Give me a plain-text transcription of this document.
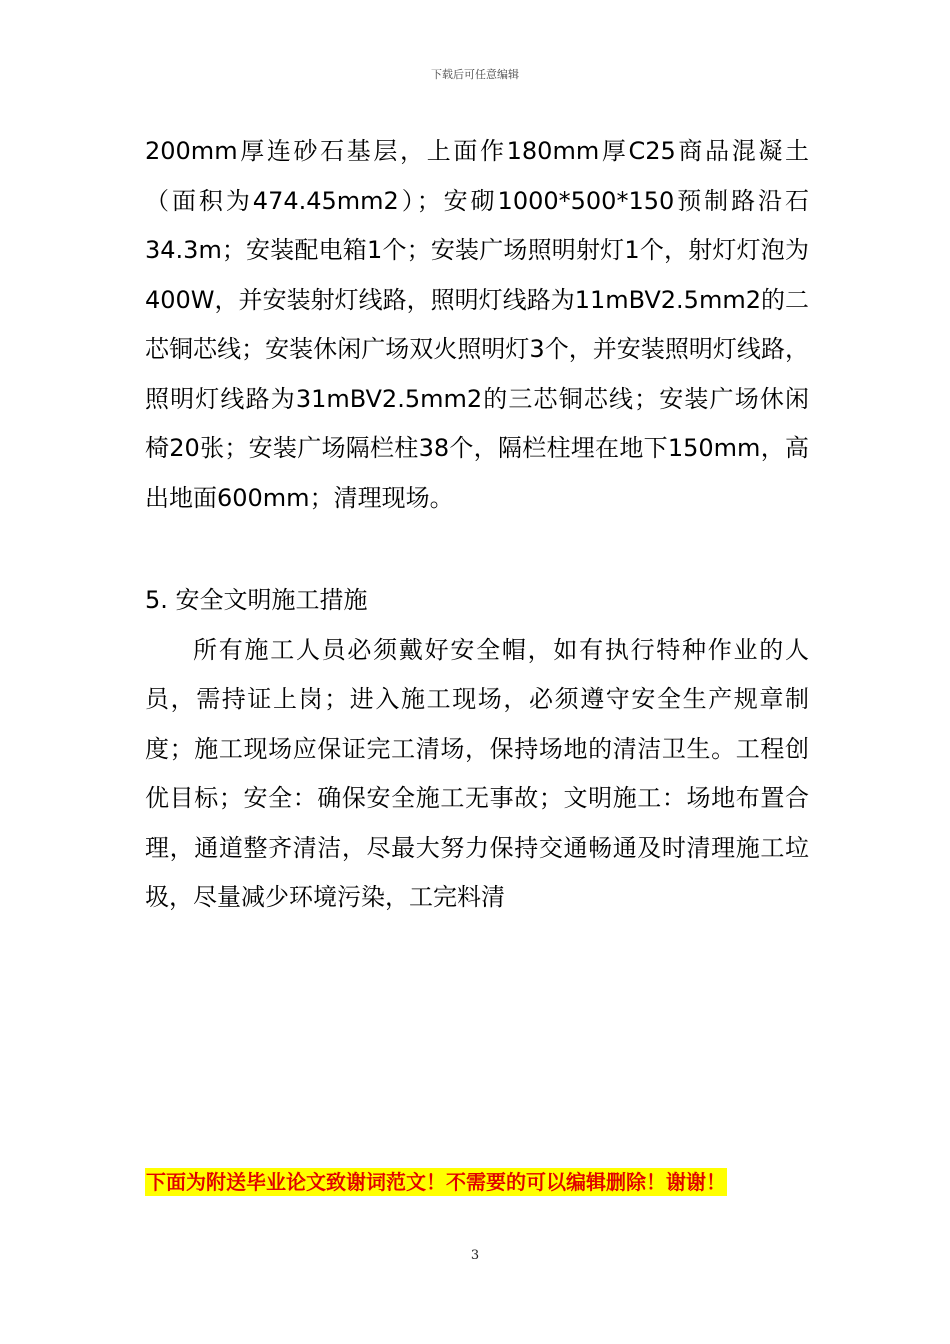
下载后可任意编辑

200mm厚连砂石基层，上面作180mm厚C25商品混凝土（面积为474.45mm2）；安砌1000*500*150预制路沿石34.3m；安装配电箱1个；安装广场照明射灯1个，射灯灯泡为400W，并安装射灯线路，照明灯线路为11mBV2.5mm2的二芯铜芯线；安装休闲广场双火照明灯3个，并安装照明灯线路，照明灯线路为31mBV2.5mm2的三芯铜芯线；安装广场休闲椅20张；安装广场隔栏柱38个，隔栏柱埋在地下150mm，高出地面600mm；清理现场。

5. 安全文明施工措施

所有施工人员必须戴好安全帽，如有执行特种作业的人员，需持证上岗；进入施工现场，必须遵守安全生产规章制度；施工现场应保证完工清场，保持场地的清洁卫生。工程创优目标；安全：确保安全施工无事故；文明施工：场地布置合理，通道整齐清洁，尽最大努力保持交通畅通及时清理施工垃圾，尽量减少环境污染，工完料清

下面为附送毕业论文致谢词范文！不需要的可以编辑删除！谢谢！
3
